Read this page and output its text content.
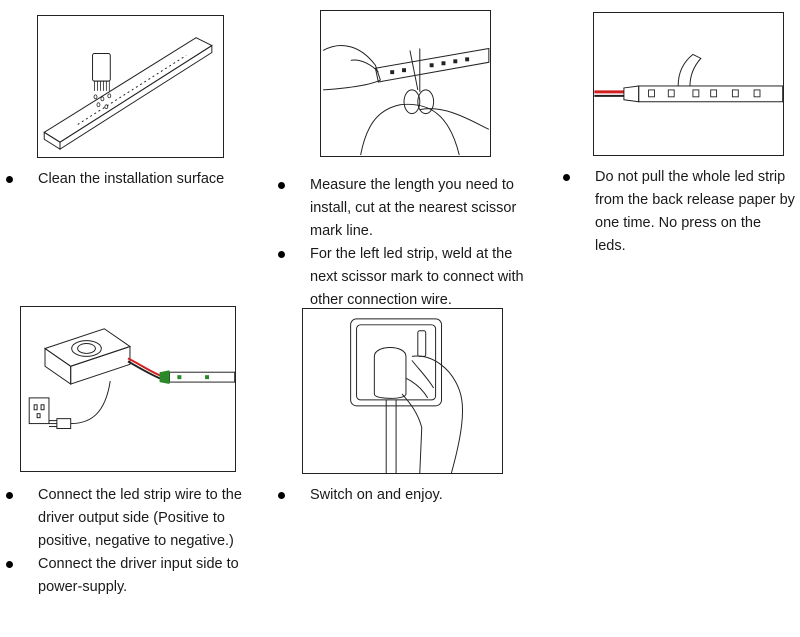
Clean the installation surface	Measure the length you need to install, cut at the nearest scissor mark line.

For the left led strip, weld at the next scissor mark to connect with other connection wire.

Do not pull the whole led strip from the back release paper by one time. No press on the leds.

Connect the led strip wire to the driver output side (Positive to positive, negative to negative.)

Connect the driver input side to power-supply.

Switch on and enjoy.
